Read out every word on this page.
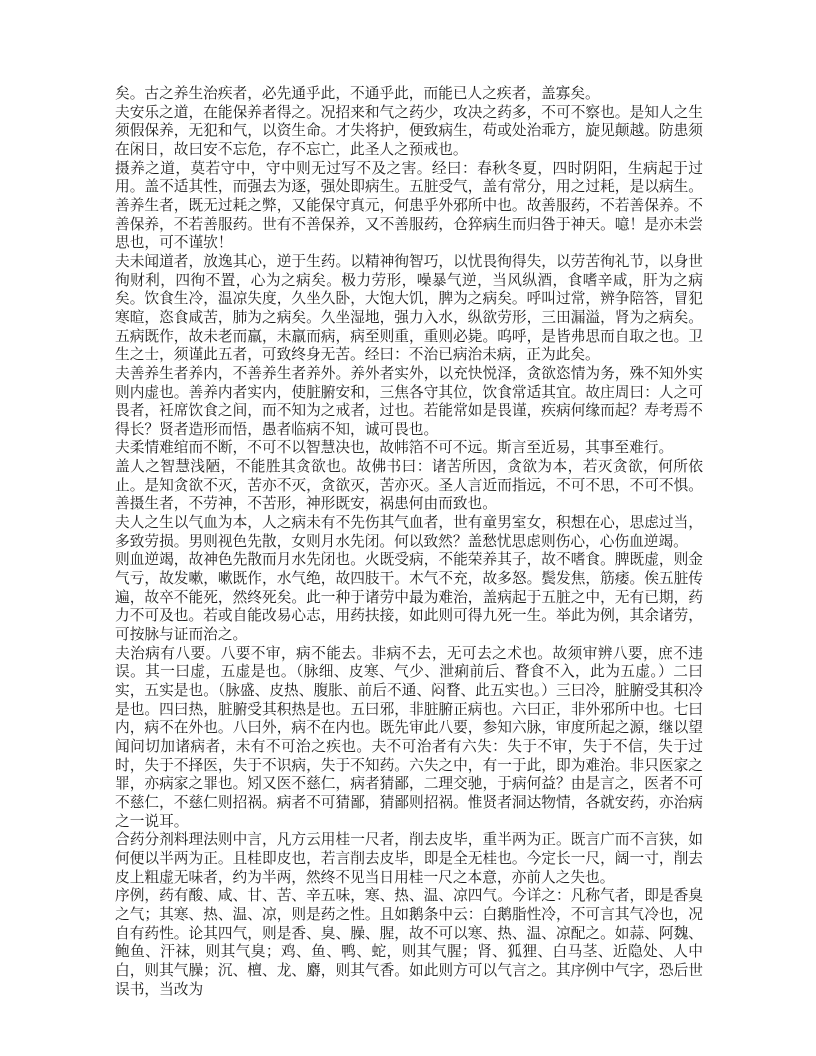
矣。古之养生治疾者，必先通乎此，不通乎此，而能已人之疾者，盖寡矣。

夫安乐之道，在能保养者得之。况招来和气之药少，攻决之药多，不可不察也。是知人之生须假保养，无犯和气，以资生命。才失将护，便致病生，苟或处治乖方，旋见颠越。防患须在闲日，故曰安不忘危，存不忘亡，此圣人之预戒也。

摄养之道，莫若守中，守中则无过写不及之害。经曰：春秋冬夏，四时阴阳，生病起于过用。盖不适其性，而强去为逐，强处即病生。五脏受气，盖有常分，用之过耗，是以病生。善养生者，既无过耗之弊，又能保守真元，何患乎外邪所中也。故善服药，不若善保养。不善保养，不若善服药。世有不善保养，又不善服药，仓猝病生而归咎于神天。噫！是亦未尝思也，可不谨欤！

夫未闻道者，放逸其心，逆于生药。以精神徇智巧，以忧畏徇得失，以劳苦徇礼节，以身世徇财利，四徇不置，心为之病矣。极力劳形，噪暴气逆，当风纵酒，食嗜辛咸，肝为之病矣。饮食生冷，温凉失度，久坐久卧，大饱大饥，脾为之病矣。呼叫过常，辨争陪答，冒犯寒暄，恣食咸苦，肺为之病矣。久坐湿地，强力入水，纵欲劳形，三田漏溢，肾为之病矣。五病既作，故未老而羸，未羸而病，病至则重，重则必毙。呜呼，是皆弗思而自取之也。卫生之士，须谨此五者，可致终身无苦。经曰：不治已病治未病，正为此矣。

夫善养生者养内，不善养生者养外。养外者实外，以充快悦泽，贪欲恣情为务，殊不知外实则内虚也。善养内者实内，使脏腑安和，三焦各守其位，饮食常适其宜。故庄周曰：人之可畏者，衽席饮食之间，而不知为之戒者，过也。若能常如是畏谨，疾病何缘而起？寿考焉不得长？贤者造形而悟，愚者临病不知，诚可畏也。

夫柔情难绾而不断，不可不以智慧决也，故帏箔不可不远。斯言至近易，其事至难行。

盖人之智慧浅陋，不能胜其贪欲也。故佛书曰：诸苦所因，贪欲为本，若灭贪欲，何所依止。是知贪欲不灭，苦亦不灭，贪欲灭，苦亦灭。圣人言近而指远，不可不思，不可不惧。善摄生者，不劳神，不苦形，神形既安，祸患何由而致也。

夫人之生以气血为本，人之病未有不先伤其气血者，世有童男室女，积想在心，思虑过当，多致劳损。男则视色先散，女则月水先闭。何以致然？盖愁忧思虑则伤心，心伤血逆竭。

则血逆竭，故神色先散而月水先闭也。火既受病，不能荣养其子，故不嗜食。脾既虚，则金气亏，故发嗽，嗽既作，水气绝，故四肢干。木气不充，故多怒。鬓发焦，筋痿。俟五脏传遍，故卒不能死，然终死矣。此一种于诸劳中最为难治，盖病起于五脏之中，无有已期，药力不可及也。若或自能改易心志，用药扶接，如此则可得九死一生。举此为例，其余诸劳，可按脉与证而治之。

夫治病有八要。八要不审，病不能去。非病不去，无可去之术也。故须审辨八要，庶不违误。其一曰虚，五虚是也。（脉细、皮寒、气少、泄痢前后、瞀食不入，此为五虚。）二曰实，五实是也。（脉盛、皮热、腹胀、前后不通、闷瞀、此五实也。）三曰冷，脏腑受其积冷是也。四曰热，脏腑受其积热是也。五曰邪，非脏腑正病也。六曰正，非外邪所中也。七曰内，病不在外也。八曰外，病不在内也。既先审此八要，参知六脉，审度所起之源，继以望闻问切加诸病者，未有不可治之疾也。夫不可治者有六失：失于不审，失于不信，失于过时，失于不择医，失于不识病，失于不知药。六失之中，有一于此，即为难治。非只医家之罪，亦病家之罪也。矧又医不慈仁，病者猜鄙，二理交驰，于病何益？由是言之，医者不可不慈仁，不慈仁则招祸。病者不可猜鄙，猜鄙则招祸。惟贤者洞达物情，各就安药，亦治病之一说耳。

合药分剂料理法则中言，凡方云用桂一尺者，削去皮毕，重半两为正。既言广而不言狭，如何便以半两为正。且桂即皮也，若言削去皮毕，即是全无桂也。今定长一尺，阔一寸，削去皮上粗虚无味者，约为半两，然终不见当日用桂一尺之本意，亦前人之失也。

序例，药有酸、咸、甘、苦、辛五味，寒、热、温、凉四气。今详之：凡称气者，即是香臭之气；其寒、热、温、凉，则是药之性。且如鹅条中云：白鹅脂性冷，不可言其气冷也，况自有药性。论其四气，则是香、臭、臊、腥，故不可以寒、热、温、凉配之。如蒜、阿魏、鲍鱼、汗袜，则其气臭；鸡、鱼、鸭、蛇，则其气腥；肾、狐狸、白马茎、近隐处、人中白，则其气臊；沉、檀、龙、麝，则其气香。如此则方可以气言之。其序例中气字，恐后世误书，当改为
